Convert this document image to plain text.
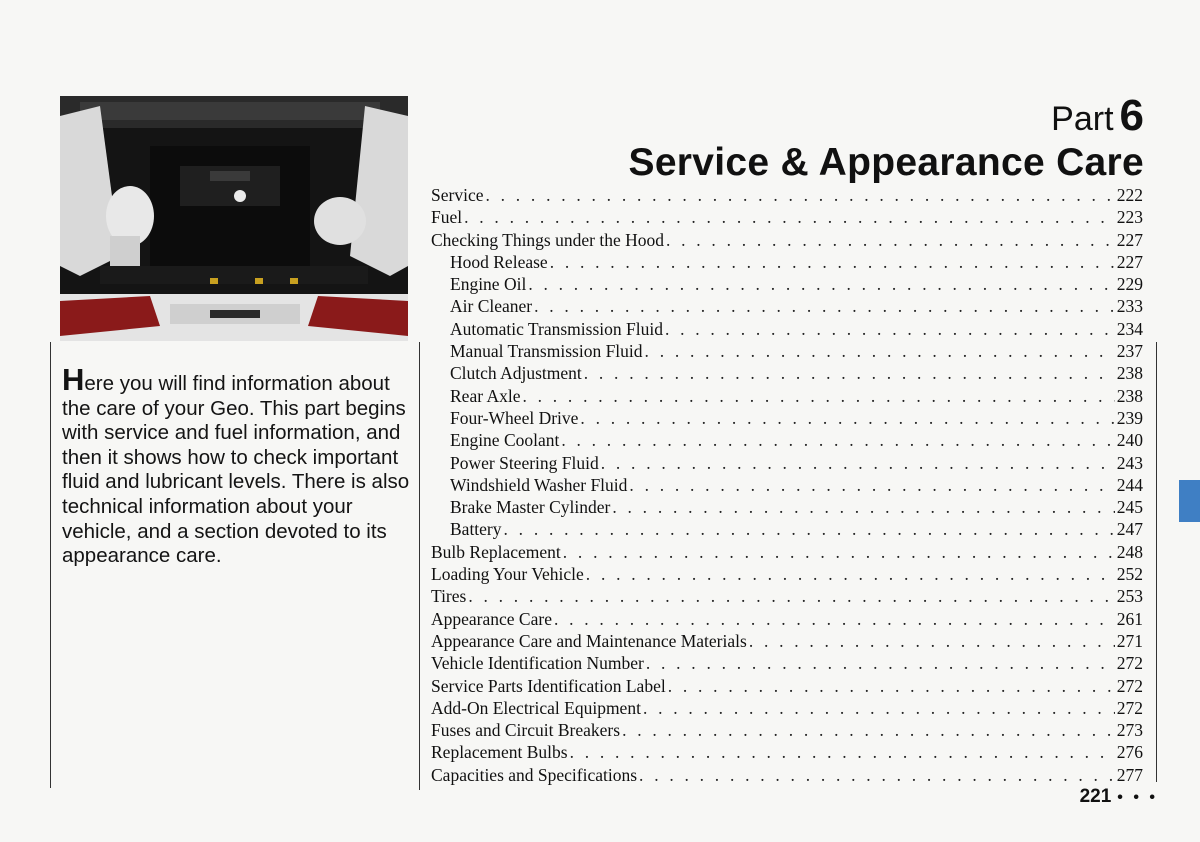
Here you will find information about the care of your Geo. This part begins with service and fuel information, and then it shows how to check important fluid and lubricant levels. There is also technical information about your vehicle, and a section devoted to its appearance care.
Part 6
Service & Appearance Care
Service . . .	222
Fuel . . .	223
Checking Things under the Hood . . .	227
Hood Release . . .	227
Engine Oil . . .	229
Air Cleaner . . .	233
Automatic Transmission Fluid . . .	234
Manual Transmission Fluid . . .	237
Clutch Adjustment . . .	238
Rear Axle . . .	238
Four-Wheel Drive . . .	239
Engine Coolant . . .	240
Power Steering Fluid . . .	243
Windshield Washer Fluid . . .	244
Brake Master Cylinder . . .	245
Battery . . .	247
Bulb Replacement . . .	248
Loading Your Vehicle . . .	252
Tires . . .	253
Appearance Care . . .	261
Appearance Care and Maintenance Materials . . .	271
Vehicle Identification Number . . .	272
Service Parts Identification Label . . .	272
Add-On Electrical Equipment . . .	272
Fuses and Circuit Breakers . . .	273
Replacement Bulbs . . .	276
Capacities and Specifications . . .	277
221 • • •
